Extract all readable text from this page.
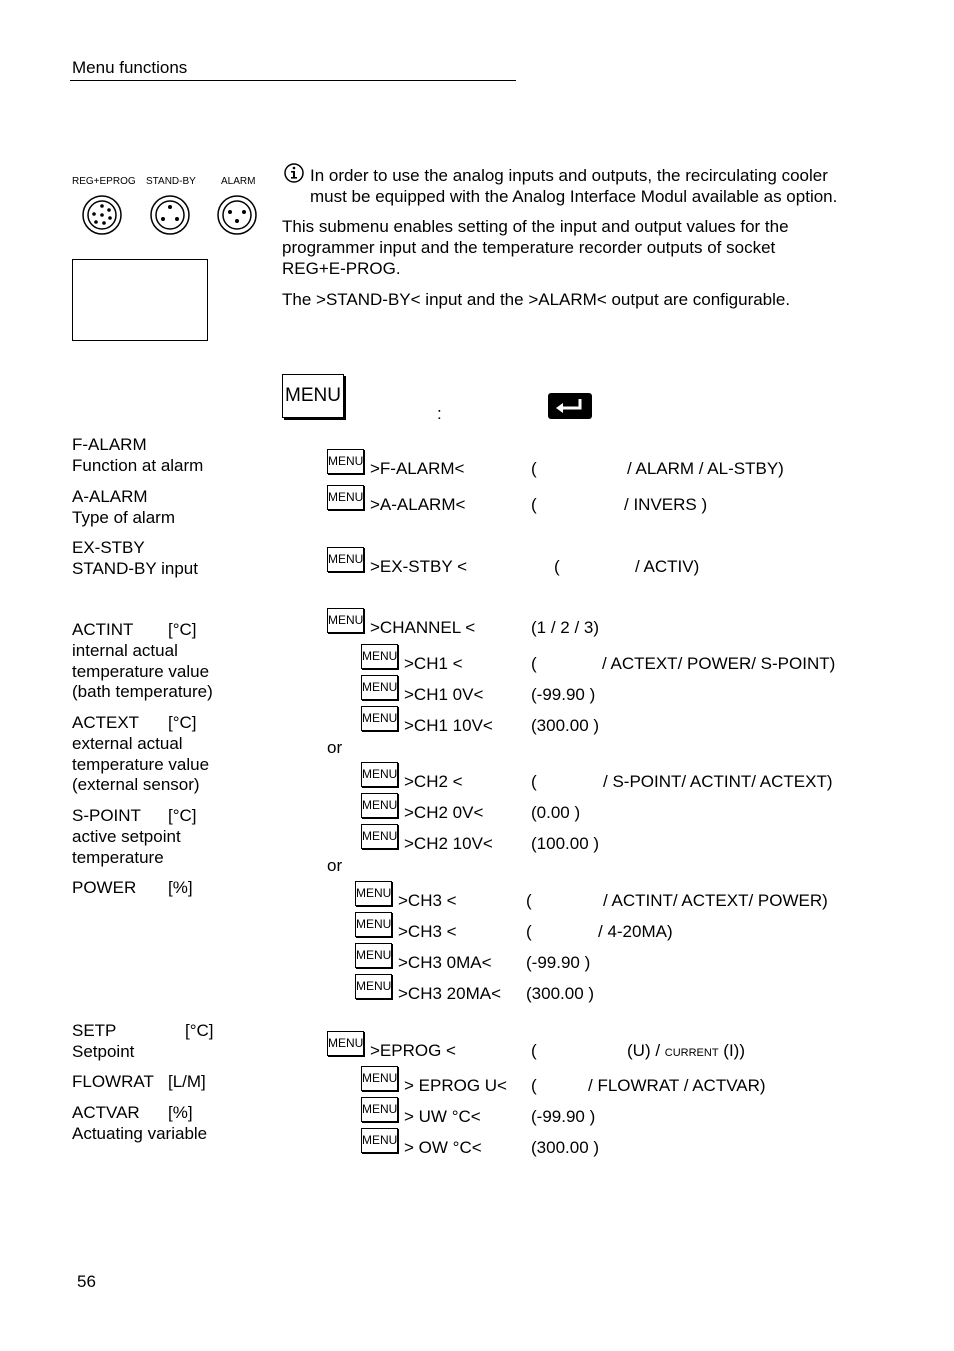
Menu functions
REG+EPROG STAND-BY	ALARM	In order to use the analog inputs and outputs, the recirculating cooler
must be equipped with the Analog Interface Modul available as option.
This submenu enables setting of the input and output values for the
programmer input and the temperature recorder outputs of socket
REG+E-PROG.
The >STAND-BY< input and the >ALARM< output are configurable.
MENU
:
F-ALARM
Function at alarm
A-ALARM
Type of alarm
EX-STBY
STAND-BY input
ACTINT [°C]
internal actual
temperature value
(bath temperature)
ACTEXT [°C]
external actual
temperature value
(external sensor)
S-POINT [°C]
active setpoint
temperature
POWER [%]
SETP	[°C]
Setpoint
FLOWRAT [L/M]
ACTVAR [%]
Actuating variable
MENU >F-ALARM<	(	/ ALARM / AL-STBY)
MENU >A-ALARM<	(	/ INVERS )
MENU >EX-STBY <	(	/ ACTIV)
MENU >CHANNEL <	(1 / 2 / 3)
MENU >CH1 <	(	/ ACTEXT/ POWER/ S-POINT)
MENU >CH1 0V<	(-99.90 )
MENU >CH1 10V< (300.00 )
or
MENU >CH2 <	(	/ S-POINT/ ACTINT/ ACTEXT)
MENU >CH2 0V<	(0.00 )
MENU >CH2 10V< (100.00 )
or
MENU >CH3 <	(	/ ACTINT/ ACTEXT/ POWER)
MENU >CH3 <	(	/ 4-20MA)
MENU >CH3 0MA< (-99.90 )
MENU >CH3 20MA< (300.00 )
MENU >EPROG <	(	(U) / CURRENT (I))
MENU > EPROG U< (	/ FLOWRAT / ACTVAR)
MENU > UW °C<	(-99.90 )
MENU > OW °C<	(300.00 )
56
